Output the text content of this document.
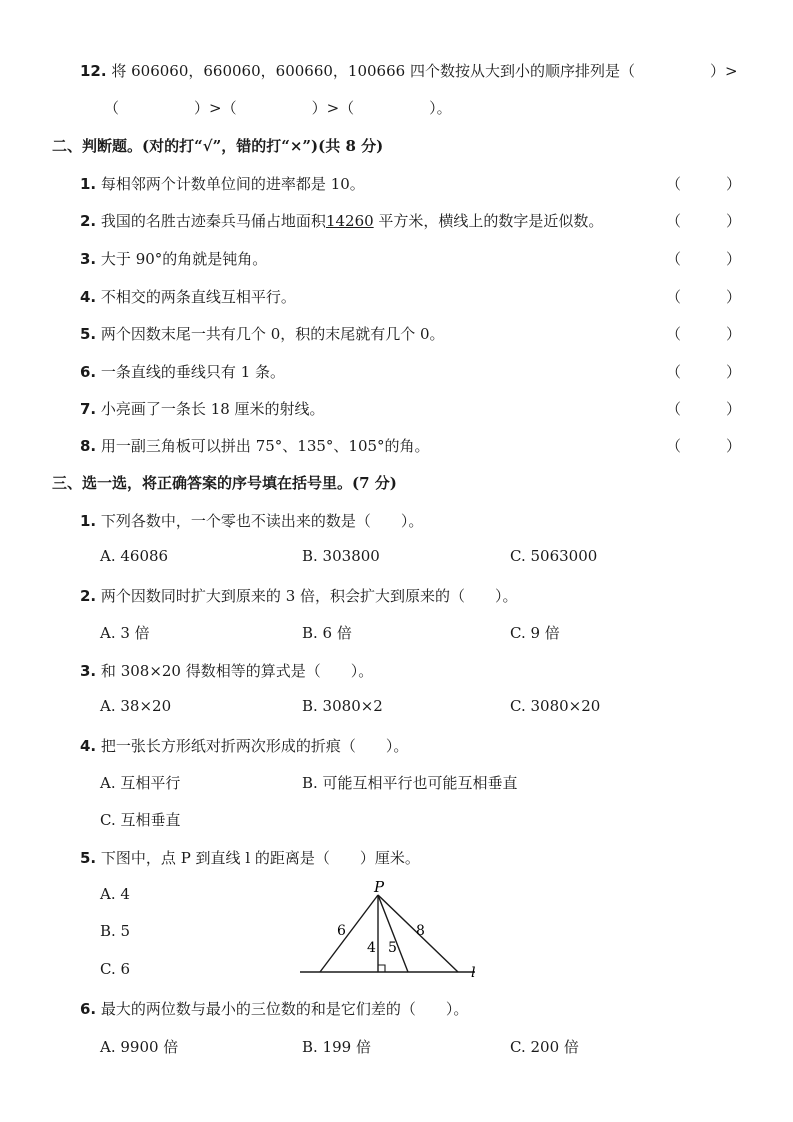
12. 将 606060，660060，600660，100666 四个数按从大到小的顺序排列是（　　　　　）>
（　　　　　）>（　　　　　）>（　　　　　）。
二、判断题。(对的打“√”，错的打“×”)(共 8 分)
1. 每相邻两个计数单位间的进率都是 10。	（　　　）
2. 我国的名胜古迹秦兵马俑占地面积14260 平方米，横线上的数字是近似数。	（　　　）
3. 大于 90°的角就是钝角。	（　　　）
4. 不相交的两条直线互相平行。	（　　　）
5. 两个因数末尾一共有几个 0，积的末尾就有几个 0。	（　　　）
6. 一条直线的垂线只有 1 条。	（　　　）
7. 小亮画了一条长 18 厘米的射线。	（　　　）
8. 用一副三角板可以拼出 75°、135°、105°的角。	（　　　）
三、选一选，将正确答案的序号填在括号里。(7 分)
1. 下列各数中，一个零也不读出来的数是（　　）。
A. 46086	B. 303800	C. 5063000
2. 两个因数同时扩大到原来的 3 倍，积会扩大到原来的（　　）。
A. 3 倍	B. 6 倍	C. 9 倍
3. 和 308×20 得数相等的算式是（　　）。
A. 38×20	B. 3080×2	C. 3080×20
4. 把一张长方形纸对折两次形成的折痕（　　）。
A. 互相平行	B. 可能互相平行也可能互相垂直
C. 互相垂直
5. 下图中，点 P 到直线 l 的距离是（　　）厘米。
A. 4
B. 5
C. 6
P
l
6
4 5
8
6. 最大的两位数与最小的三位数的和是它们差的（　　）。
A. 9900 倍	B. 199 倍	C. 200 倍
